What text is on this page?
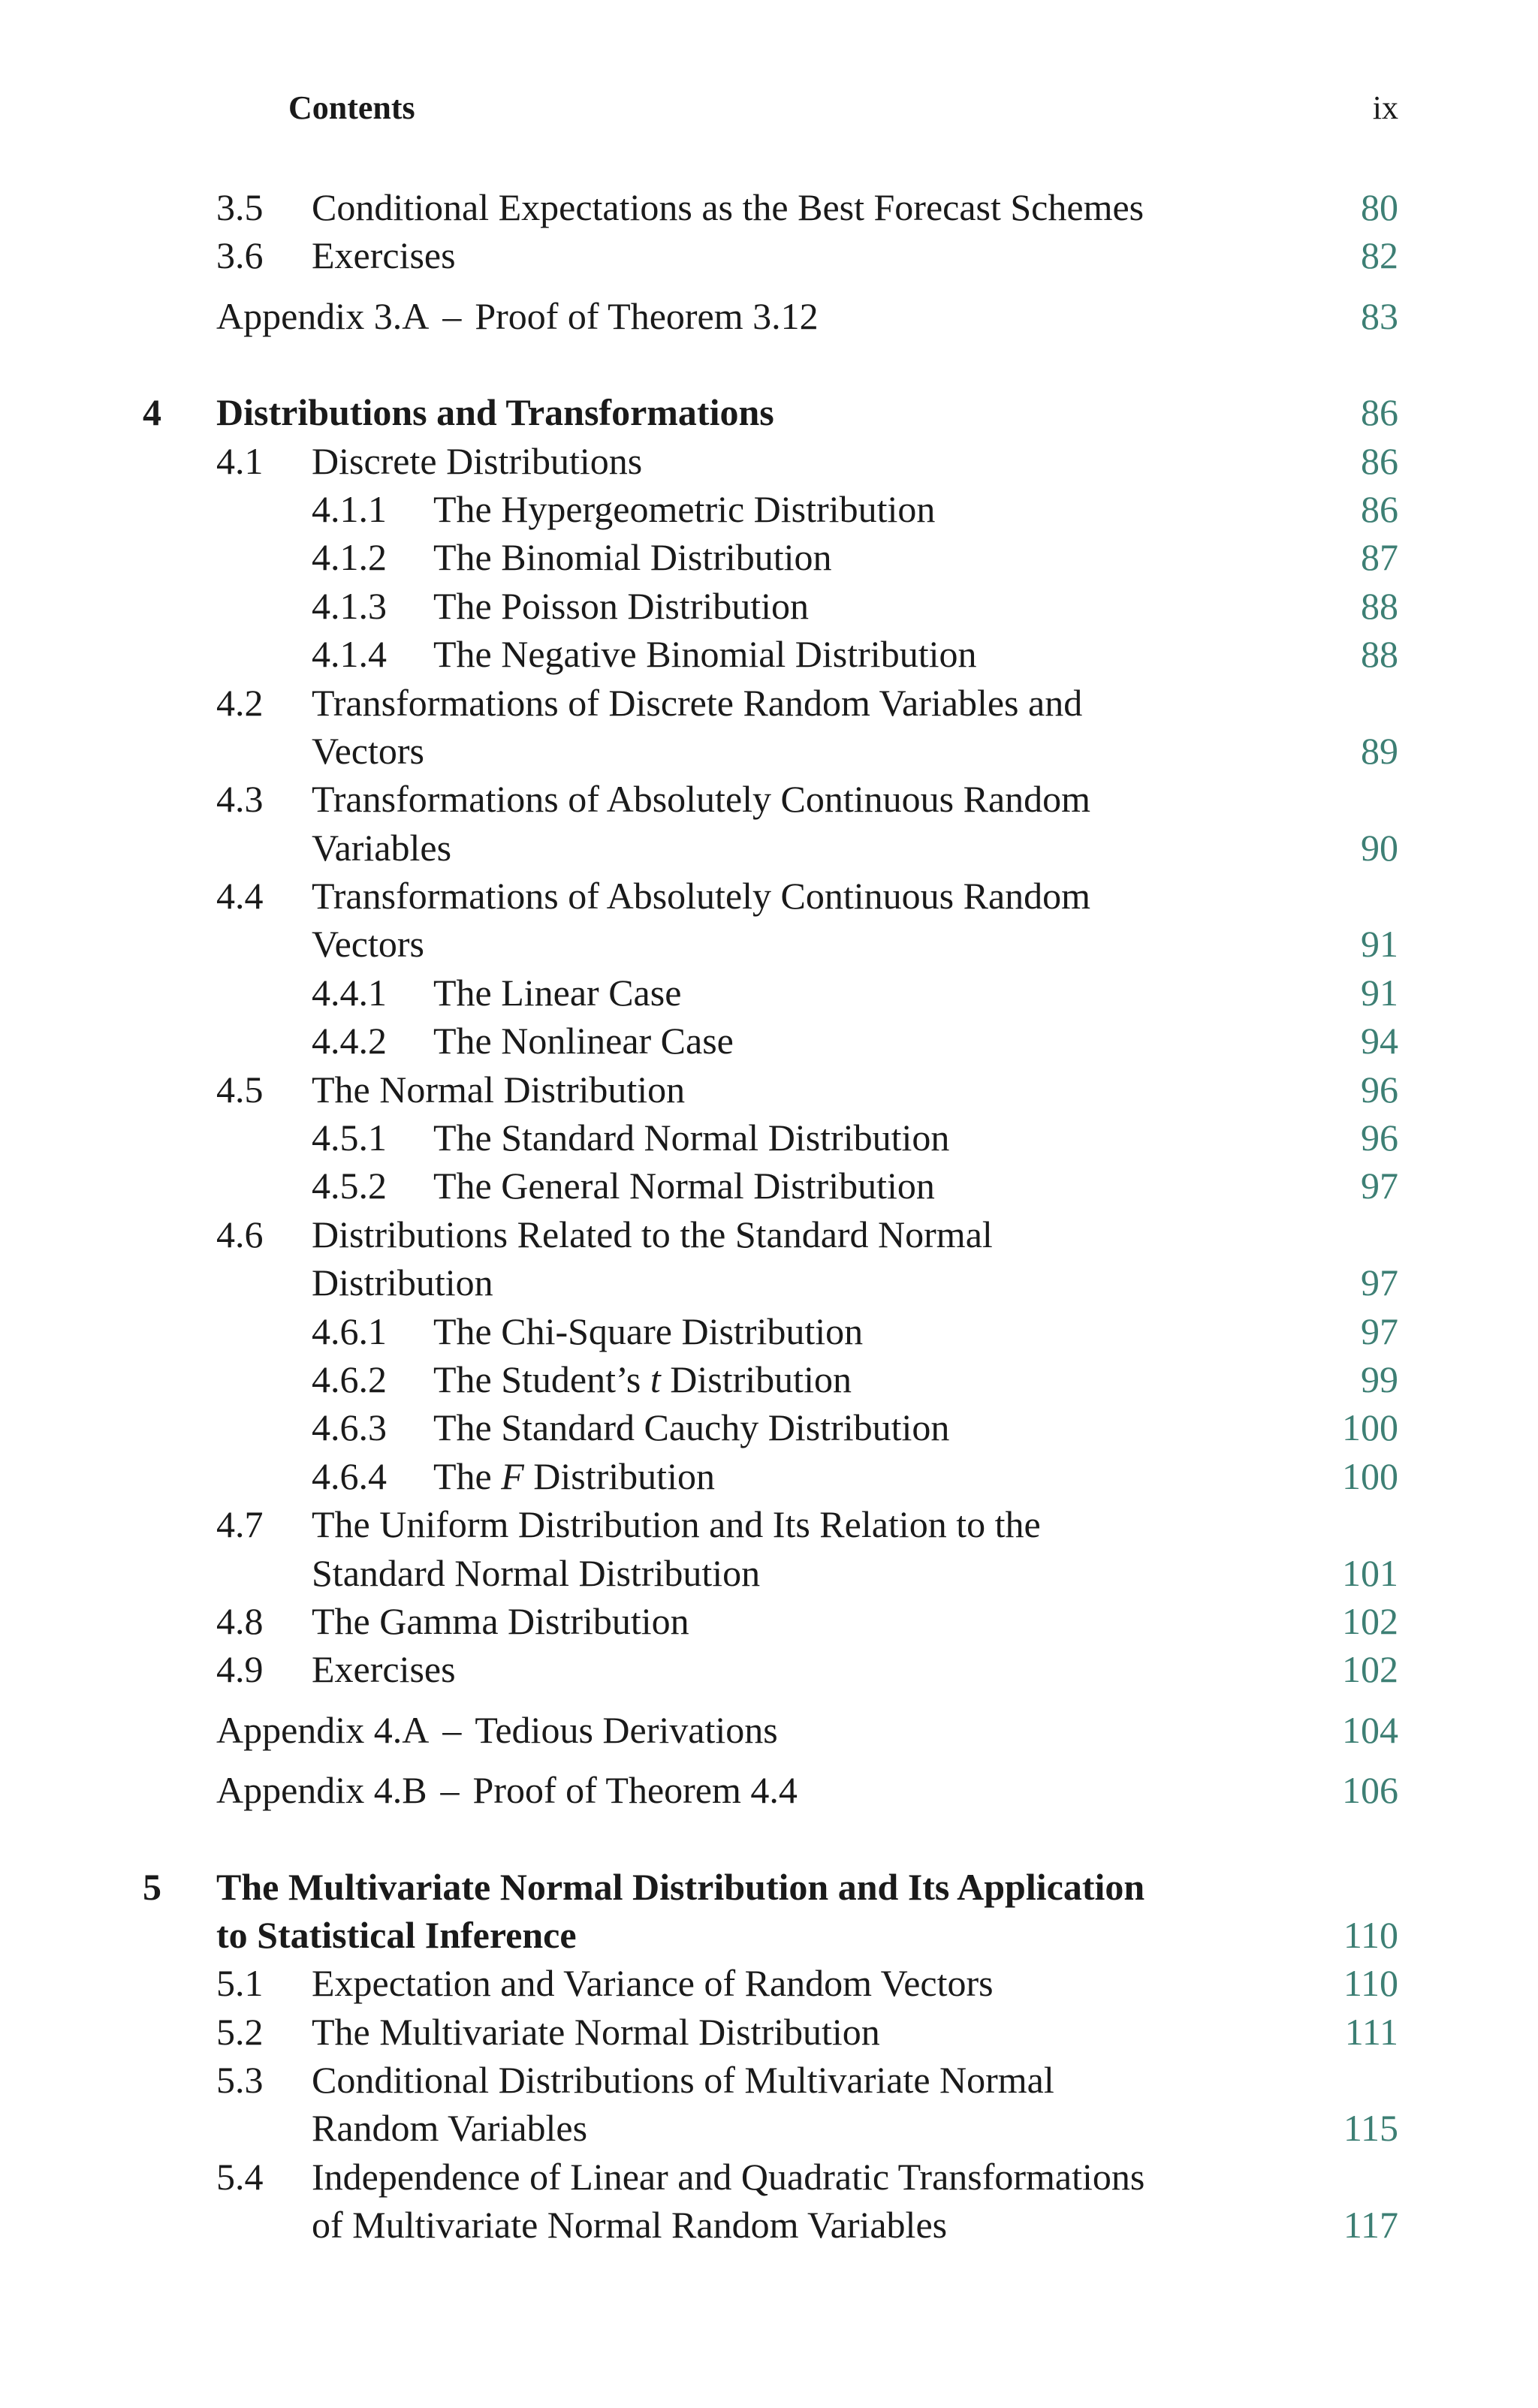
Contents	ix
3.5 Conditional Expectations as the Best Forecast Schemes	80
3.6 Exercises	82
Appendix 3.A – Proof of Theorem 3.12	83
4 Distributions and Transformations	86
4.1 Discrete Distributions	86
4.1.1 The Hypergeometric Distribution	86
4.1.2 The Binomial Distribution	87
4.1.3 The Poisson Distribution	88
4.1.4 The Negative Binomial Distribution	88
4.2 Transformations of Discrete Random Variables and
Vectors	89
4.3 Transformations of Absolutely Continuous Random
Variables	90
4.4 Transformations of Absolutely Continuous Random
Vectors	91
4.4.1 The Linear Case	91
4.4.2 The Nonlinear Case	94
4.5 The Normal Distribution	96
4.5.1 The Standard Normal Distribution	96
4.5.2 The General Normal Distribution	97
4.6 Distributions Related to the Standard Normal
Distribution	97
4.6.1 The Chi-Square Distribution	97
4.6.2 The Student’s t Distribution	99
4.6.3 The Standard Cauchy Distribution	100
4.6.4 The F Distribution	100
4.7 The Uniform Distribution and Its Relation to the
Standard Normal Distribution	101
4.8 The Gamma Distribution	102
4.9 Exercises	102
Appendix 4.A – Tedious Derivations	104
Appendix 4.B – Proof of Theorem 4.4	106
5 The Multivariate Normal Distribution and Its Application
to Statistical Inference	110
5.1 Expectation and Variance of Random Vectors	110
5.2 The Multivariate Normal Distribution	111
5.3 Conditional Distributions of Multivariate Normal
Random Variables	115
5.4 Independence of Linear and Quadratic Transformations
of Multivariate Normal Random Variables	117
